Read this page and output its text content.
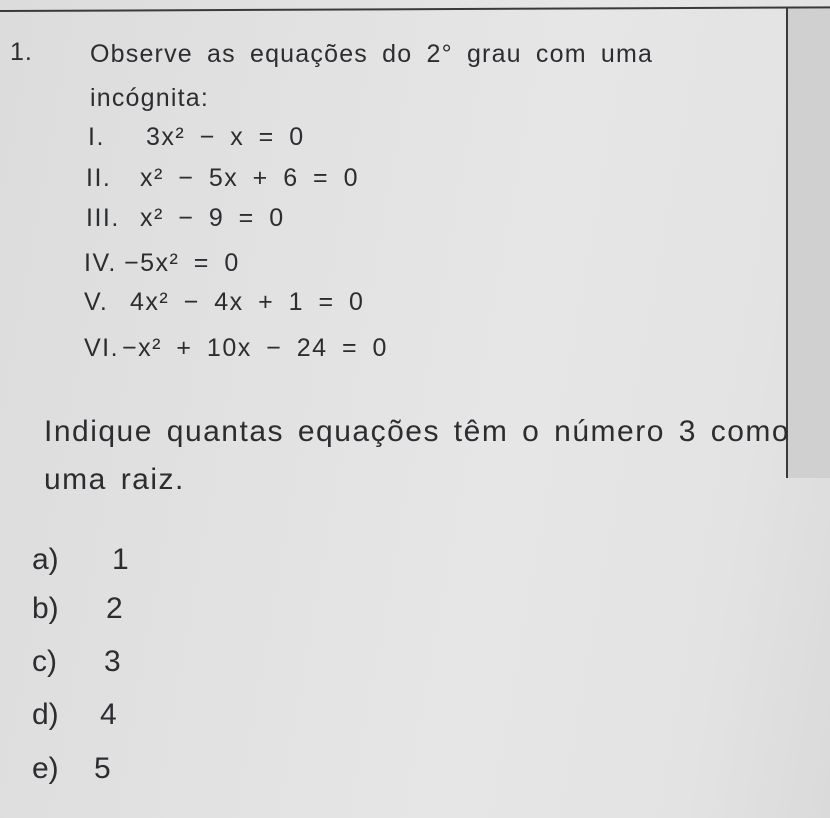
1. Observe as equações do 2° grau com uma incógnita:
I. 3x² − x = 0
II. x² − 5x + 6 = 0
III. x² − 9 = 0
IV. −5x² = 0
V. 4x² − 4x + 1 = 0
VI. −x² + 10x − 24 = 0
Indique quantas equações têm o número 3 como uma raiz.
a) 1
b) 2
c) 3
d) 4
e) 5
